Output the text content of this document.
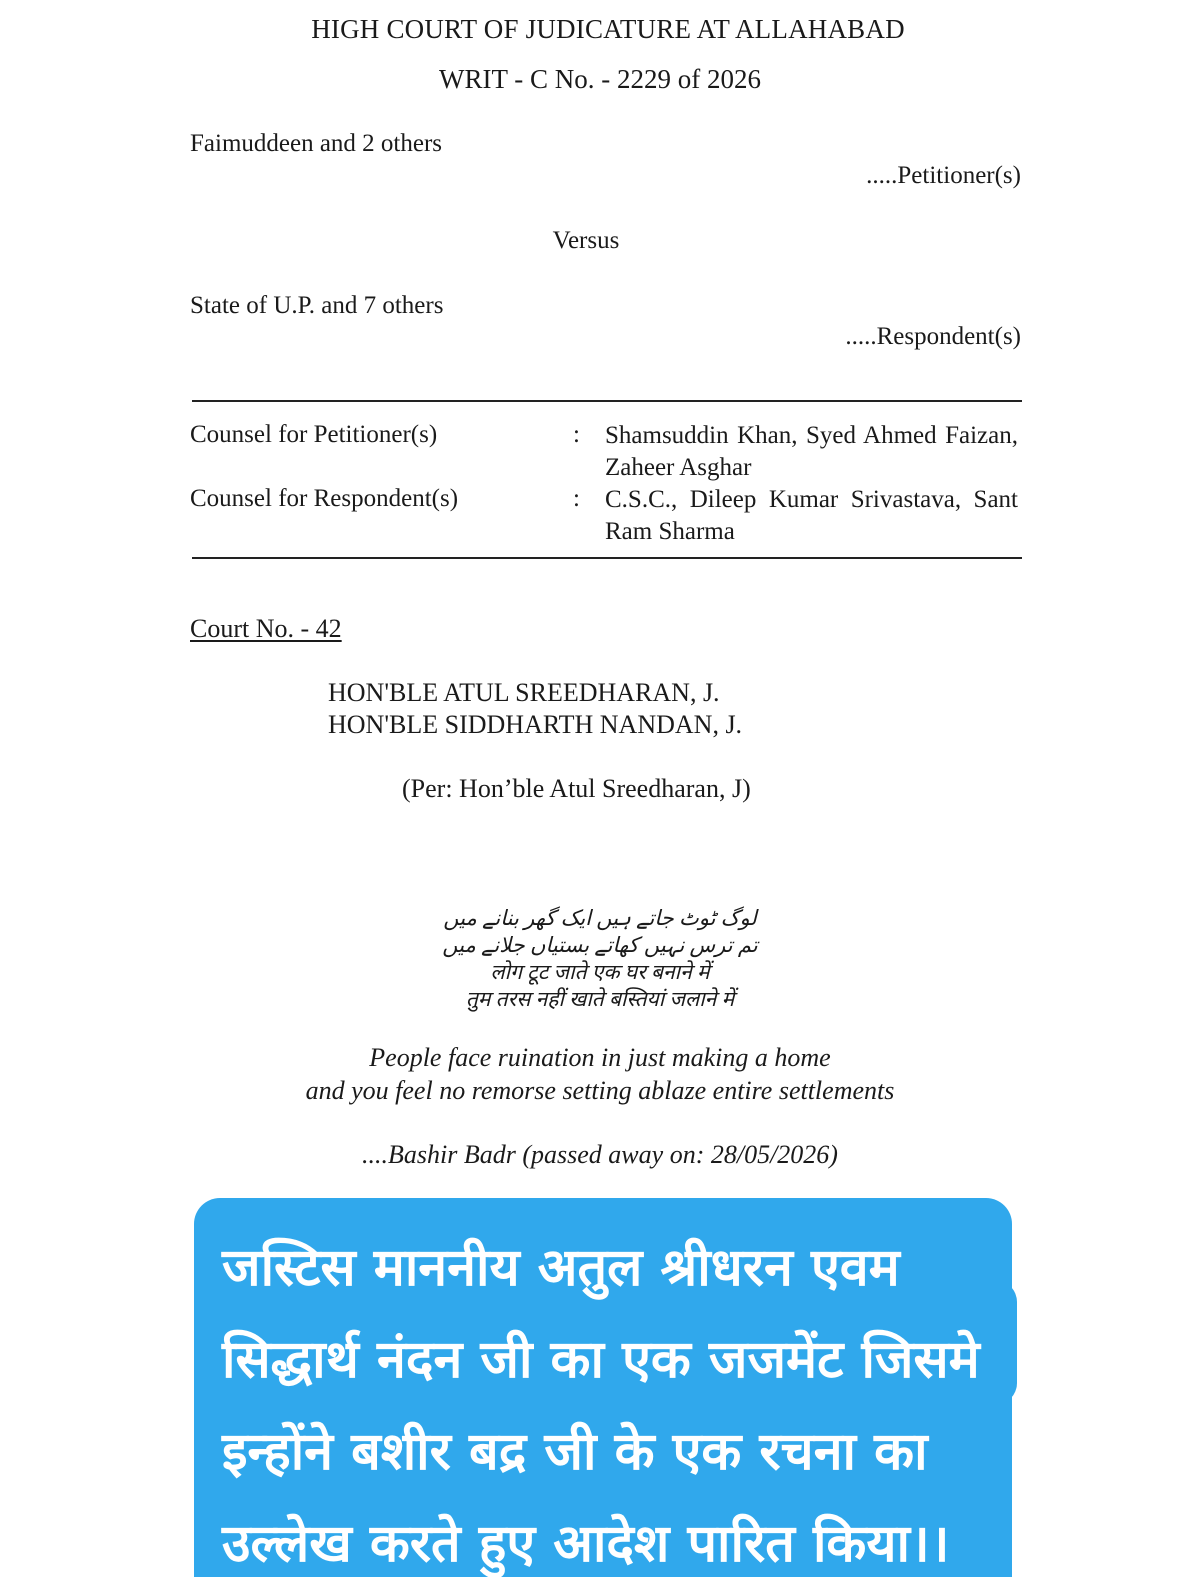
HIGH COURT OF JUDICATURE AT ALLAHABAD
WRIT - C No. - 2229 of 2026
Faimuddeen and 2 others
.....Petitioner(s)
Versus
State of U.P. and 7 others
.....Respondent(s)
Counsel for Petitioner(s)	: Shamsuddin Khan, Syed Ahmed Faizan, Zaheer Asghar
Counsel for Respondent(s)	: C.S.C., Dileep Kumar Srivastava, Sant Ram Sharma
Court No. - 42
HON'BLE ATUL SREEDHARAN, J.
HON'BLE SIDDHARTH NANDAN, J.
(Per: Hon’ble Atul Sreedharan, J)
لوگ ٹوٹ جاتے ہیں ایک گھر بنانے میں
تم ترس نہیں کھاتے بستیاں جلانے میں
लोग टूट जाते एक घर बनाने में
तुम तरस नहीं खाते बस्तियां जलाने में
People face ruination in just making a home
and you feel no remorse setting ablaze entire settlements
....Bashir Badr (passed away on: 28/05/2026)
जस्टिस माननीय अतुल श्रीधरन एवम सिद्धार्थ नंदन जी का एक जजमेंट जिसमे इन्होंने बशीर बद्र जी के एक रचना का उल्लेख करते हुए आदेश पारित किया।।
